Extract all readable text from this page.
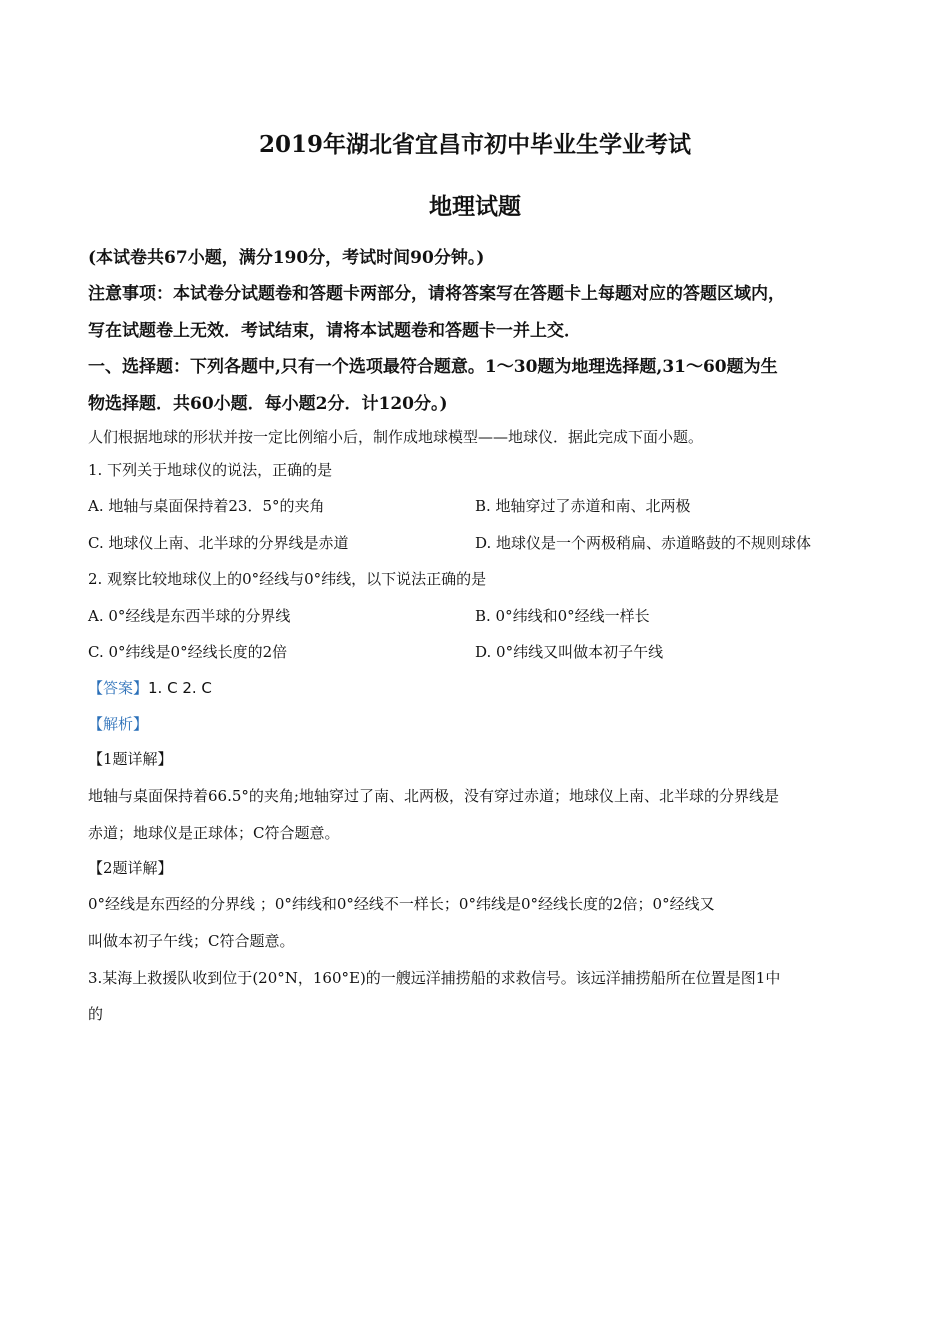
2019年湖北省宜昌市初中毕业生学业考试
地理试题
(本试卷共67小题，满分190分，考试时间90分钟。)
注意事项：本试卷分试题卷和答题卡两部分，请将答案写在答题卡上每题对应的答题区域内，
写在试题卷上无效．考试结束，请将本试题卷和答题卡一并上交．
一、选择题：下列各题中,只有一个选项最符合题意。1～30题为地理选择题,31～60题为生
物选择题．共60小题．每小题2分．计120分。)
人们根据地球的形状并按一定比例缩小后，制作成地球模型——地球仪．据此完成下面小题。
1. 下列关于地球仪的说法，正确的是
A. 地轴与桌面保持着23．5°的夹角	B. 地轴穿过了赤道和南、北两极
C. 地球仪上南、北半球的分界线是赤道	D. 地球仪是一个两极稍扁、赤道略鼓的不规则球体
2. 观察比较地球仪上的0°经线与0°纬线，以下说法正确的是
A. 0°经线是东西半球的分界线	B. 0°纬线和0°经线一样长
C. 0°纬线是0°经线长度的2倍	D. 0°纬线又叫做本初子午线
【答案】1. C 2. C
【解析】
【1题详解】
地轴与桌面保持着66.5°的夹角;地轴穿过了南、北两极，没有穿过赤道；地球仪上南、北半球的分界线是
赤道；地球仪是正球体；C符合题意。
【2题详解】
0°经线是东西经的分界线 ；0°纬线和0°经线不一样长；0°纬线是0°经线长度的2倍；0°经线又
叫做本初子午线；C符合题意。
3.某海上救援队收到位于(20°N，160°E)的一艘远洋捕捞船的求救信号。该远洋捕捞船所在位置是图1中
的
